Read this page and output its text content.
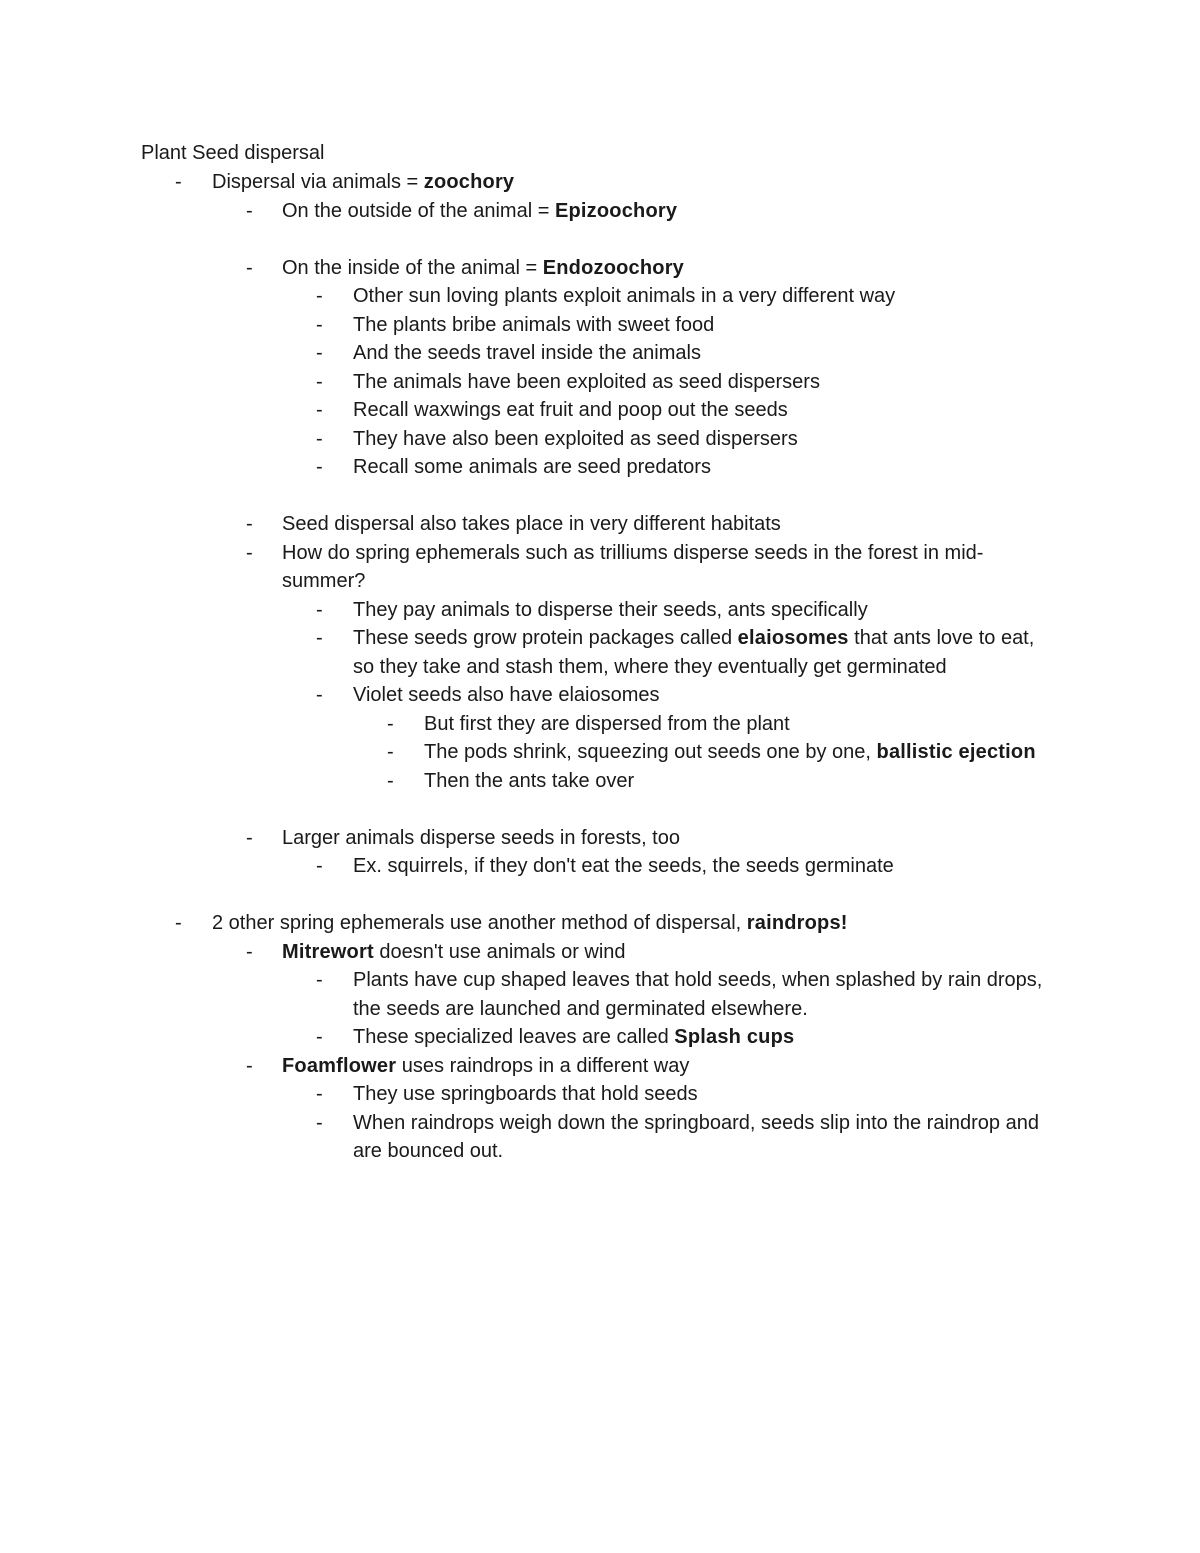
Plant Seed dispersal
-	Dispersal via animals = zoochory
-	On the outside of the animal = Epizoochory
-	On the inside of the animal = Endozoochory
-	Other sun loving plants exploit animals in a very different way
-	The plants bribe animals with sweet food
-	And the seeds travel inside the animals
-	The animals have been exploited as seed dispersers
-	Recall waxwings eat fruit and poop out the seeds
-	They have also been exploited as seed dispersers
-	Recall some animals are seed predators
-	Seed dispersal also takes place in very different habitats
-	How do spring ephemerals such as trilliums disperse seeds in the forest in mid-summer?
-	They pay animals to disperse their seeds, ants specifically
-	These seeds grow protein packages called elaiosomes that ants love to eat, so they take and stash them, where they eventually get germinated
-	Violet seeds also have elaiosomes
-	But first they are dispersed from the plant
-	The pods shrink, squeezing out seeds one by one, ballistic ejection
-	Then the ants take over
-	Larger animals disperse seeds in forests, too
-	Ex. squirrels, if they don't eat the seeds, the seeds germinate
-	2 other spring ephemerals use another method of dispersal, raindrops!
-	Mitrewort doesn't use animals or wind
-	Plants have cup shaped leaves that hold seeds, when splashed by rain drops, the seeds are launched and germinated elsewhere.
-	These specialized leaves are called Splash cups
-	Foamflower uses raindrops in a different way
-	They use springboards that hold seeds
-	When raindrops weigh down the springboard, seeds slip into the raindrop and are bounced out.
